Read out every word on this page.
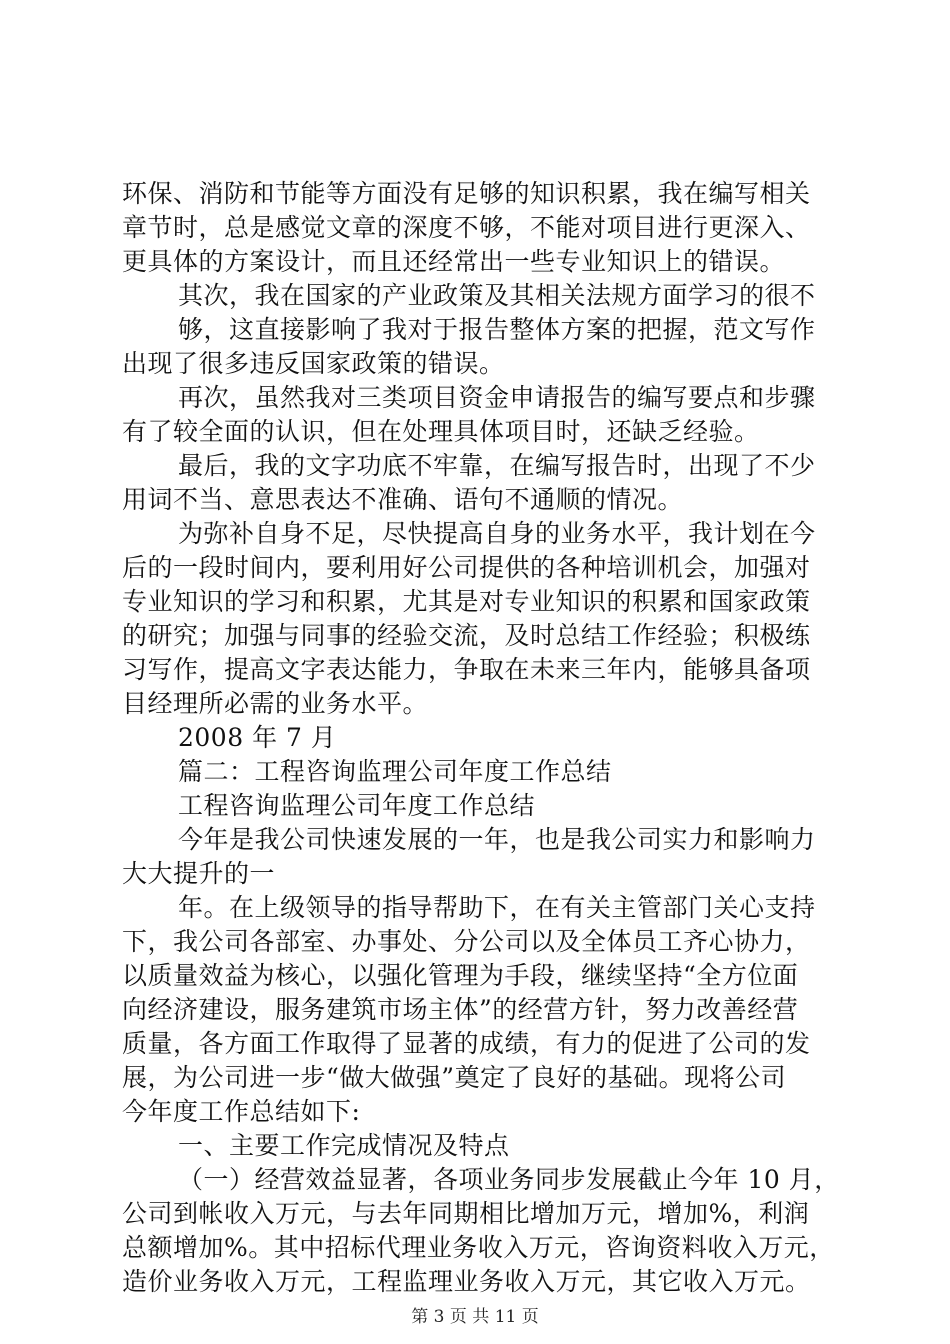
环保、消防和节能等方面没有足够的知识积累，我在编写相关
章节时，总是感觉文章的深度不够，不能对项目进行更深入、
更具体的方案设计，而且还经常出一些专业知识上的错误。
其次，我在国家的产业政策及其相关法规方面学习的很不
够，这直接影响了我对于报告整体方案的把握，范文写作
出现了很多违反国家政策的错误。
再次，虽然我对三类项目资金申请报告的编写要点和步骤
有了较全面的认识，但在处理具体项目时，还缺乏经验。
最后，我的文字功底不牢靠，在编写报告时，出现了不少
用词不当、意思表达不准确、语句不通顺的情况。
为弥补自身不足，尽快提高自身的业务水平，我计划在今
后的一段时间内，要利用好公司提供的各种培训机会，加强对
专业知识的学习和积累，尤其是对专业知识的积累和国家政策
的研究；加强与同事的经验交流，及时总结工作经验；积极练
习写作，提高文字表达能力，争取在未来三年内，能够具备项
目经理所必需的业务水平。
2008 年 7 月
篇二：工程咨询监理公司年度工作总结
工程咨询监理公司年度工作总结
今年是我公司快速发展的一年，也是我公司实力和影响力
大大提升的一
年。在上级领导的指导帮助下，在有关主管部门关心支持
下，我公司各部室、办事处、分公司以及全体员工齐心协力，
以质量效益为核心，以强化管理为手段，继续坚持“全方位面
向经济建设，服务建筑市场主体”的经营方针，努力改善经营
质量，各方面工作取得了显著的成绩，有力的促进了公司的发
展，为公司进一步“做大做强”奠定了良好的基础。现将公司
今年度工作总结如下:
一、主要工作完成情况及特点
（一）经营效益显著，各项业务同步发展截止今年 10 月，
公司到帐收入万元，与去年同期相比增加万元，增加%，利润
总额增加%。其中招标代理业务收入万元，咨询资料收入万元，
造价业务收入万元，工程监理业务收入万元，其它收入万元。
第 3 页 共 11 页
